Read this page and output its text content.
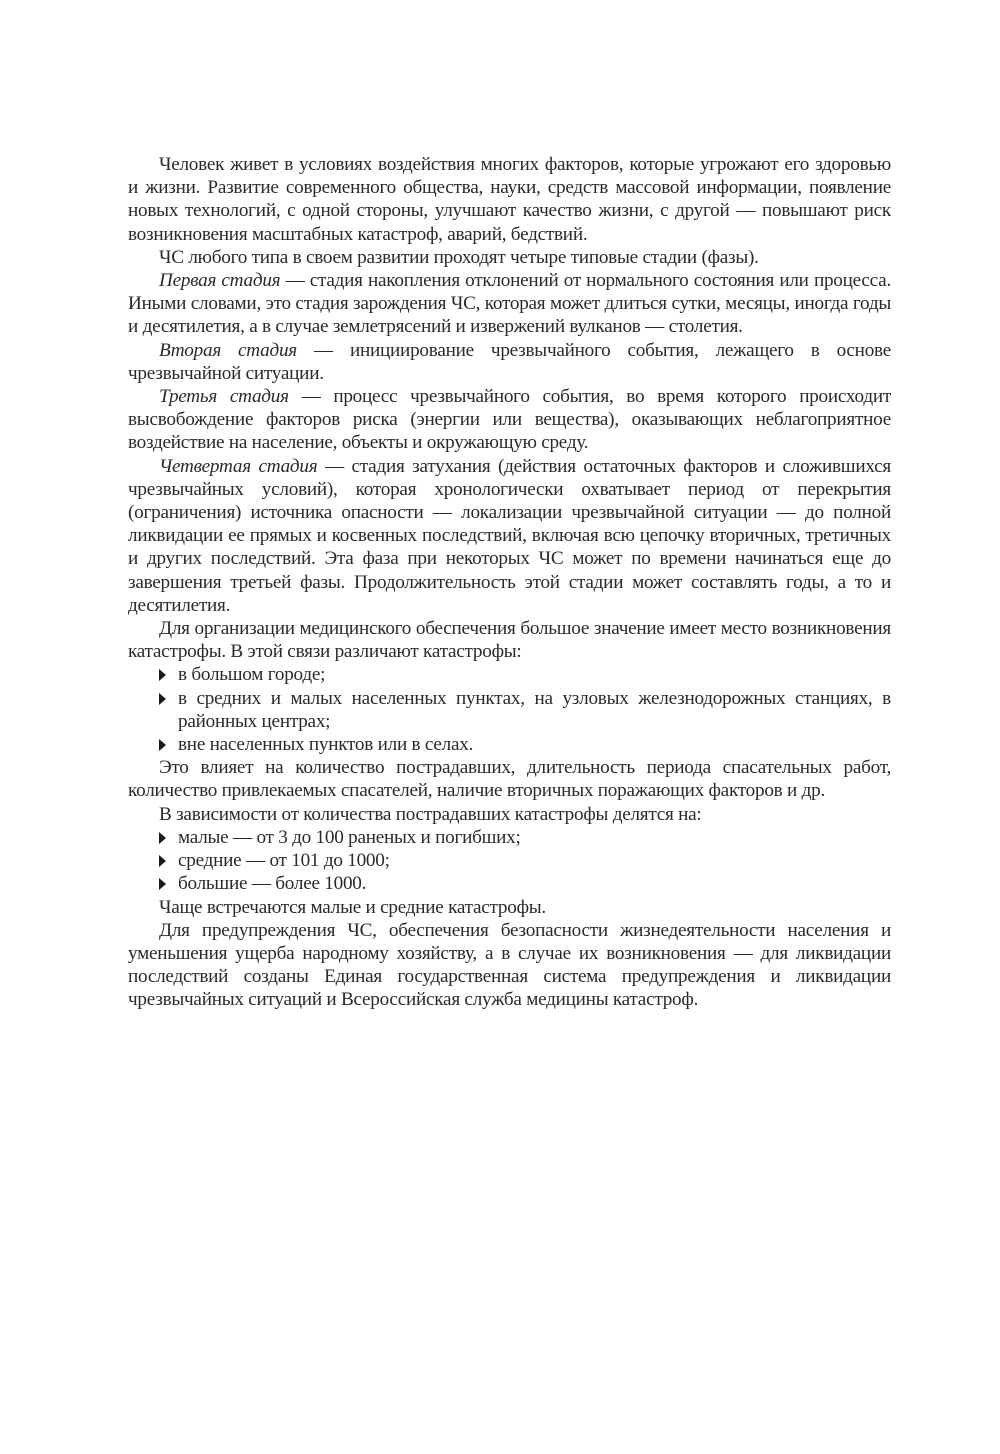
Человек живет в условиях воздействия многих факторов, которые угрожают его здоровью и жизни. Развитие современного общества, науки, средств массовой информации, появление новых технологий, с одной стороны, улучшают качество жизни, с другой — повышают риск возникновения масштабных катастроф, аварий, бедствий.

ЧС любого типа в своем развитии проходят четыре типовые стадии (фазы).

Первая стадия — стадия накопления отклонений от нормального состояния или процесса. Иными словами, это стадия зарождения ЧС, которая может длиться сутки, месяцы, иногда годы и десятилетия, а в случае землетрясений и извержений вулканов — столетия.

Вторая стадия — инициирование чрезвычайного события, лежащего в основе чрезвычайной ситуации.

Третья стадия — процесс чрезвычайного события, во время которого происходит высвобождение факторов риска (энергии или вещества), оказывающих неблагоприятное воздействие на население, объекты и окружающую среду.

Четвертая стадия — стадия затухания (действия остаточных факторов и сложившихся чрезвычайных условий), которая хронологически охватывает период от перекрытия (ограничения) источника опасности — локализации чрезвычайной ситуации — до полной ликвидации ее прямых и косвенных последствий, включая всю цепочку вторичных, третичных и других последствий. Эта фаза при некоторых ЧС может по времени начинаться еще до завершения третьей фазы. Продолжительность этой стадии может составлять годы, а то и десятилетия.

Для организации медицинского обеспечения большое значение имеет место возникновения катастрофы. В этой связи различают катастрофы:

в большом городе;
в средних и малых населенных пунктах, на узловых железнодорожных станциях, в районных центрах;
вне населенных пунктов или в селах.

Это влияет на количество пострадавших, длительность периода спасательных работ, количество привлекаемых спасателей, наличие вторичных поражающих факторов и др.

В зависимости от количества пострадавших катастрофы делятся на:

малые — от 3 до 100 раненых и погибших;
средние — от 101 до 1000;
большие — более 1000.

Чаще встречаются малые и средние катастрофы.

Для предупреждения ЧС, обеспечения безопасности жизнедеятельности населения и уменьшения ущерба народному хозяйству, а в случае их возникновения — для ликвидации последствий созданы Единая государственная система предупреждения и ликвидации чрезвычайных ситуаций и Всероссийская служба медицины катастроф.
